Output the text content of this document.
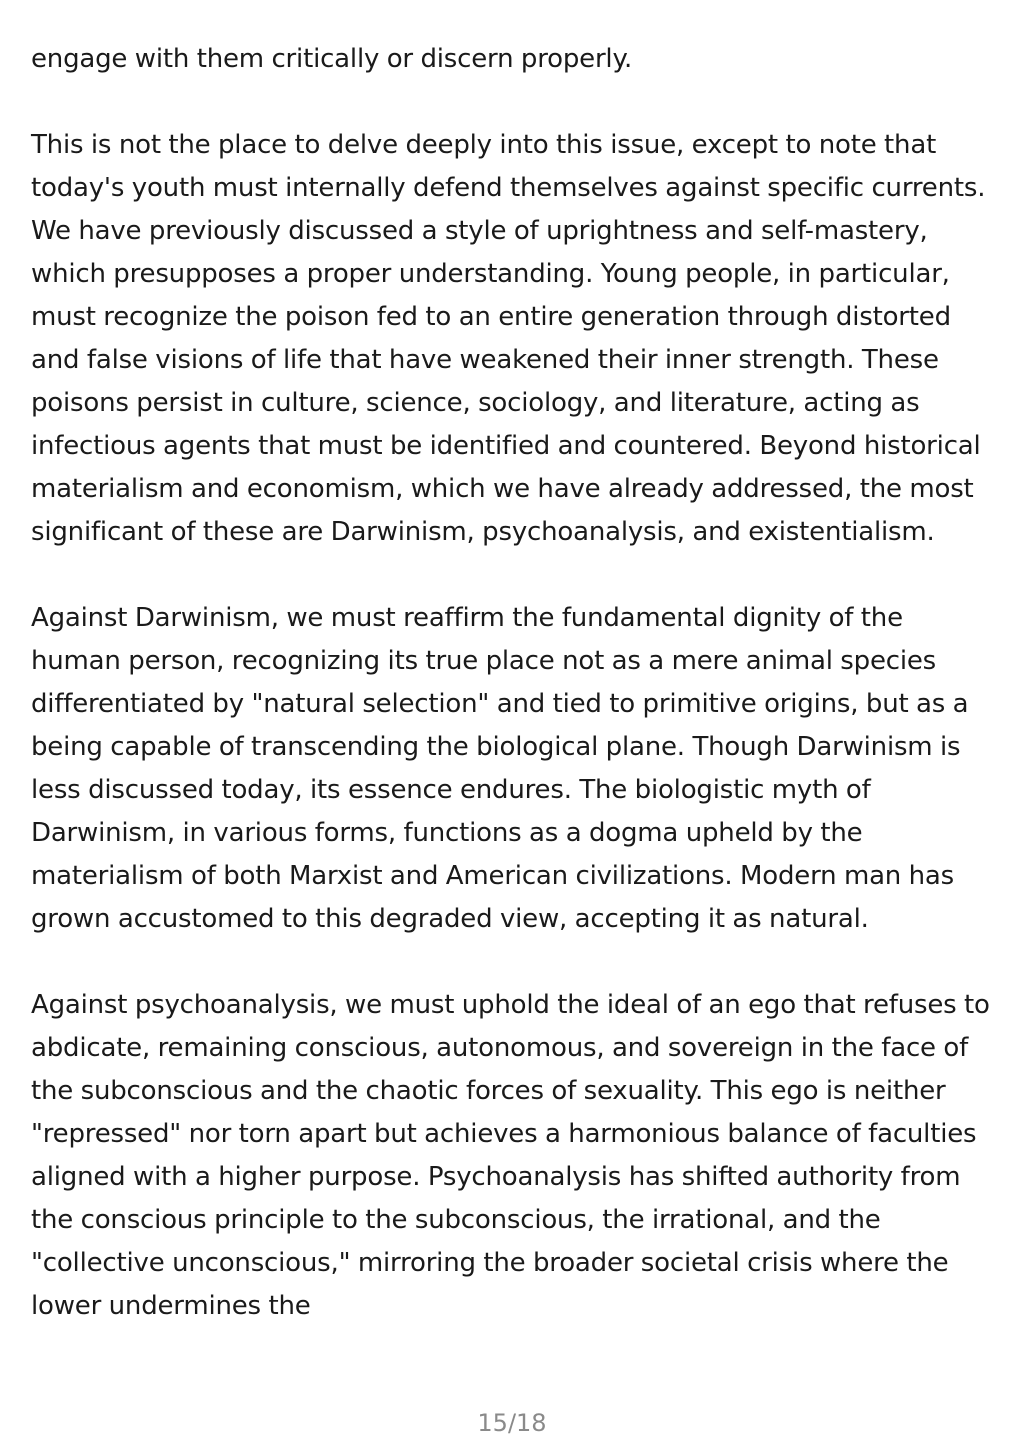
engage with them critically or discern properly.

This is not the place to delve deeply into this issue, except to note that today's youth must internally defend themselves against specific currents. We have previously discussed a style of uprightness and self-mastery, which presupposes a proper understanding. Young people, in particular, must recognize the poison fed to an entire generation through distorted and false visions of life that have weakened their inner strength. These poisons persist in culture, science, sociology, and literature, acting as infectious agents that must be identified and countered. Beyond historical materialism and economism, which we have already addressed, the most significant of these are Darwinism, psychoanalysis, and existentialism.

Against Darwinism, we must reaffirm the fundamental dignity of the human person, recognizing its true place not as a mere animal species differentiated by "natural selection" and tied to primitive origins, but as a being capable of transcending the biological plane. Though Darwinism is less discussed today, its essence endures. The biologistic myth of Darwinism, in various forms, functions as a dogma upheld by the materialism of both Marxist and American civilizations. Modern man has grown accustomed to this degraded view, accepting it as natural.

Against psychoanalysis, we must uphold the ideal of an ego that refuses to abdicate, remaining conscious, autonomous, and sovereign in the face of the subconscious and the chaotic forces of sexuality. This ego is neither "repressed" nor torn apart but achieves a harmonious balance of faculties aligned with a higher purpose. Psychoanalysis has shifted authority from the conscious principle to the subconscious, the irrational, and the "collective unconscious," mirroring the broader societal crisis where the lower undermines the

15/18
